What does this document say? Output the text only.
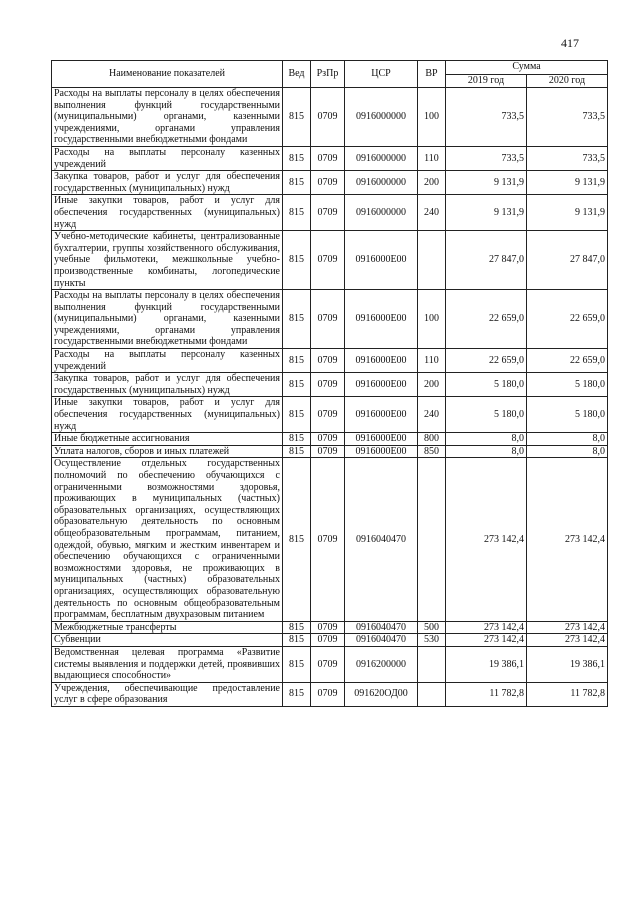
417
Наименование показателей	Вед	РзПр	ЦСР	ВР	Сумма	
					2019 год	2020 год
Расходы на выплаты персоналу в целях обеспечения выполнения функций государственными (муниципальными) органами, казенными учреждениями, органами управления государственными внебюджетными фондами	815	0709	0916000000	100	733,5	733,5
Расходы на выплаты персоналу казенных учреждений	815	0709	0916000000	110	733,5	733,5
Закупка товаров, работ и услуг для обеспечения государственных (муниципальных) нужд	815	0709	0916000000	200	9 131,9	9 131,9
Иные закупки товаров, работ и услуг для обеспечения государственных (муниципальных) нужд	815	0709	0916000000	240	9 131,9	9 131,9
Учебно-методические кабинеты, централизованные бухгалтерии, группы хозяйственного обслуживания, учебные фильмотеки, межшкольные учебно-производственные комбинаты, логопедические пункты	815	0709	0916000Е00		27 847,0	27 847,0
Расходы на выплаты персоналу в целях обеспечения выполнения функций государственными (муниципальными) органами, казенными учреждениями, органами управления государственными внебюджетными фондами	815	0709	0916000Е00	100	22 659,0	22 659,0
Расходы на выплаты персоналу казенных учреждений	815	0709	0916000Е00	110	22 659,0	22 659,0
Закупка товаров, работ и услуг для обеспечения государственных (муниципальных) нужд	815	0709	0916000Е00	200	5 180,0	5 180,0
Иные закупки товаров, работ и услуг для обеспечения государственных (муниципальных) нужд	815	0709	0916000Е00	240	5 180,0	5 180,0
Иные бюджетные ассигнования	815	0709	0916000Е00	800	8,0	8,0
Уплата налогов, сборов и иных платежей	815	0709	0916000Е00	850	8,0	8,0
Осуществление отдельных государственных полномочий по обеспечению обучающихся с ограниченными возможностями здоровья, проживающих в муниципальных (частных) образовательных организациях, осуществляющих образовательную деятельность по основным общеобразовательным программам, питанием, одеждой, обувью, мягким и жестким инвентарем и обеспечению обучающихся с ограниченными возможностями здоровья, не проживающих в муниципальных (частных) образовательных организациях, осуществляющих образовательную деятельность по основным общеобразовательным программам, бесплатным двухразовым питанием	815	0709	0916040470		273 142,4	273 142,4
Межбюджетные трансферты	815	0709	0916040470	500	273 142,4	273 142,4
Субвенции	815	0709	0916040470	530	273 142,4	273 142,4
Ведомственная целевая программа «Развитие системы выявления и поддержки детей, проявивших выдающиеся способности»	815	0709	0916200000		19 386,1	19 386,1
Учреждения, обеспечивающие предоставление услуг в сфере образования	815	0709	091620ОД00		11 782,8	11 782,8
